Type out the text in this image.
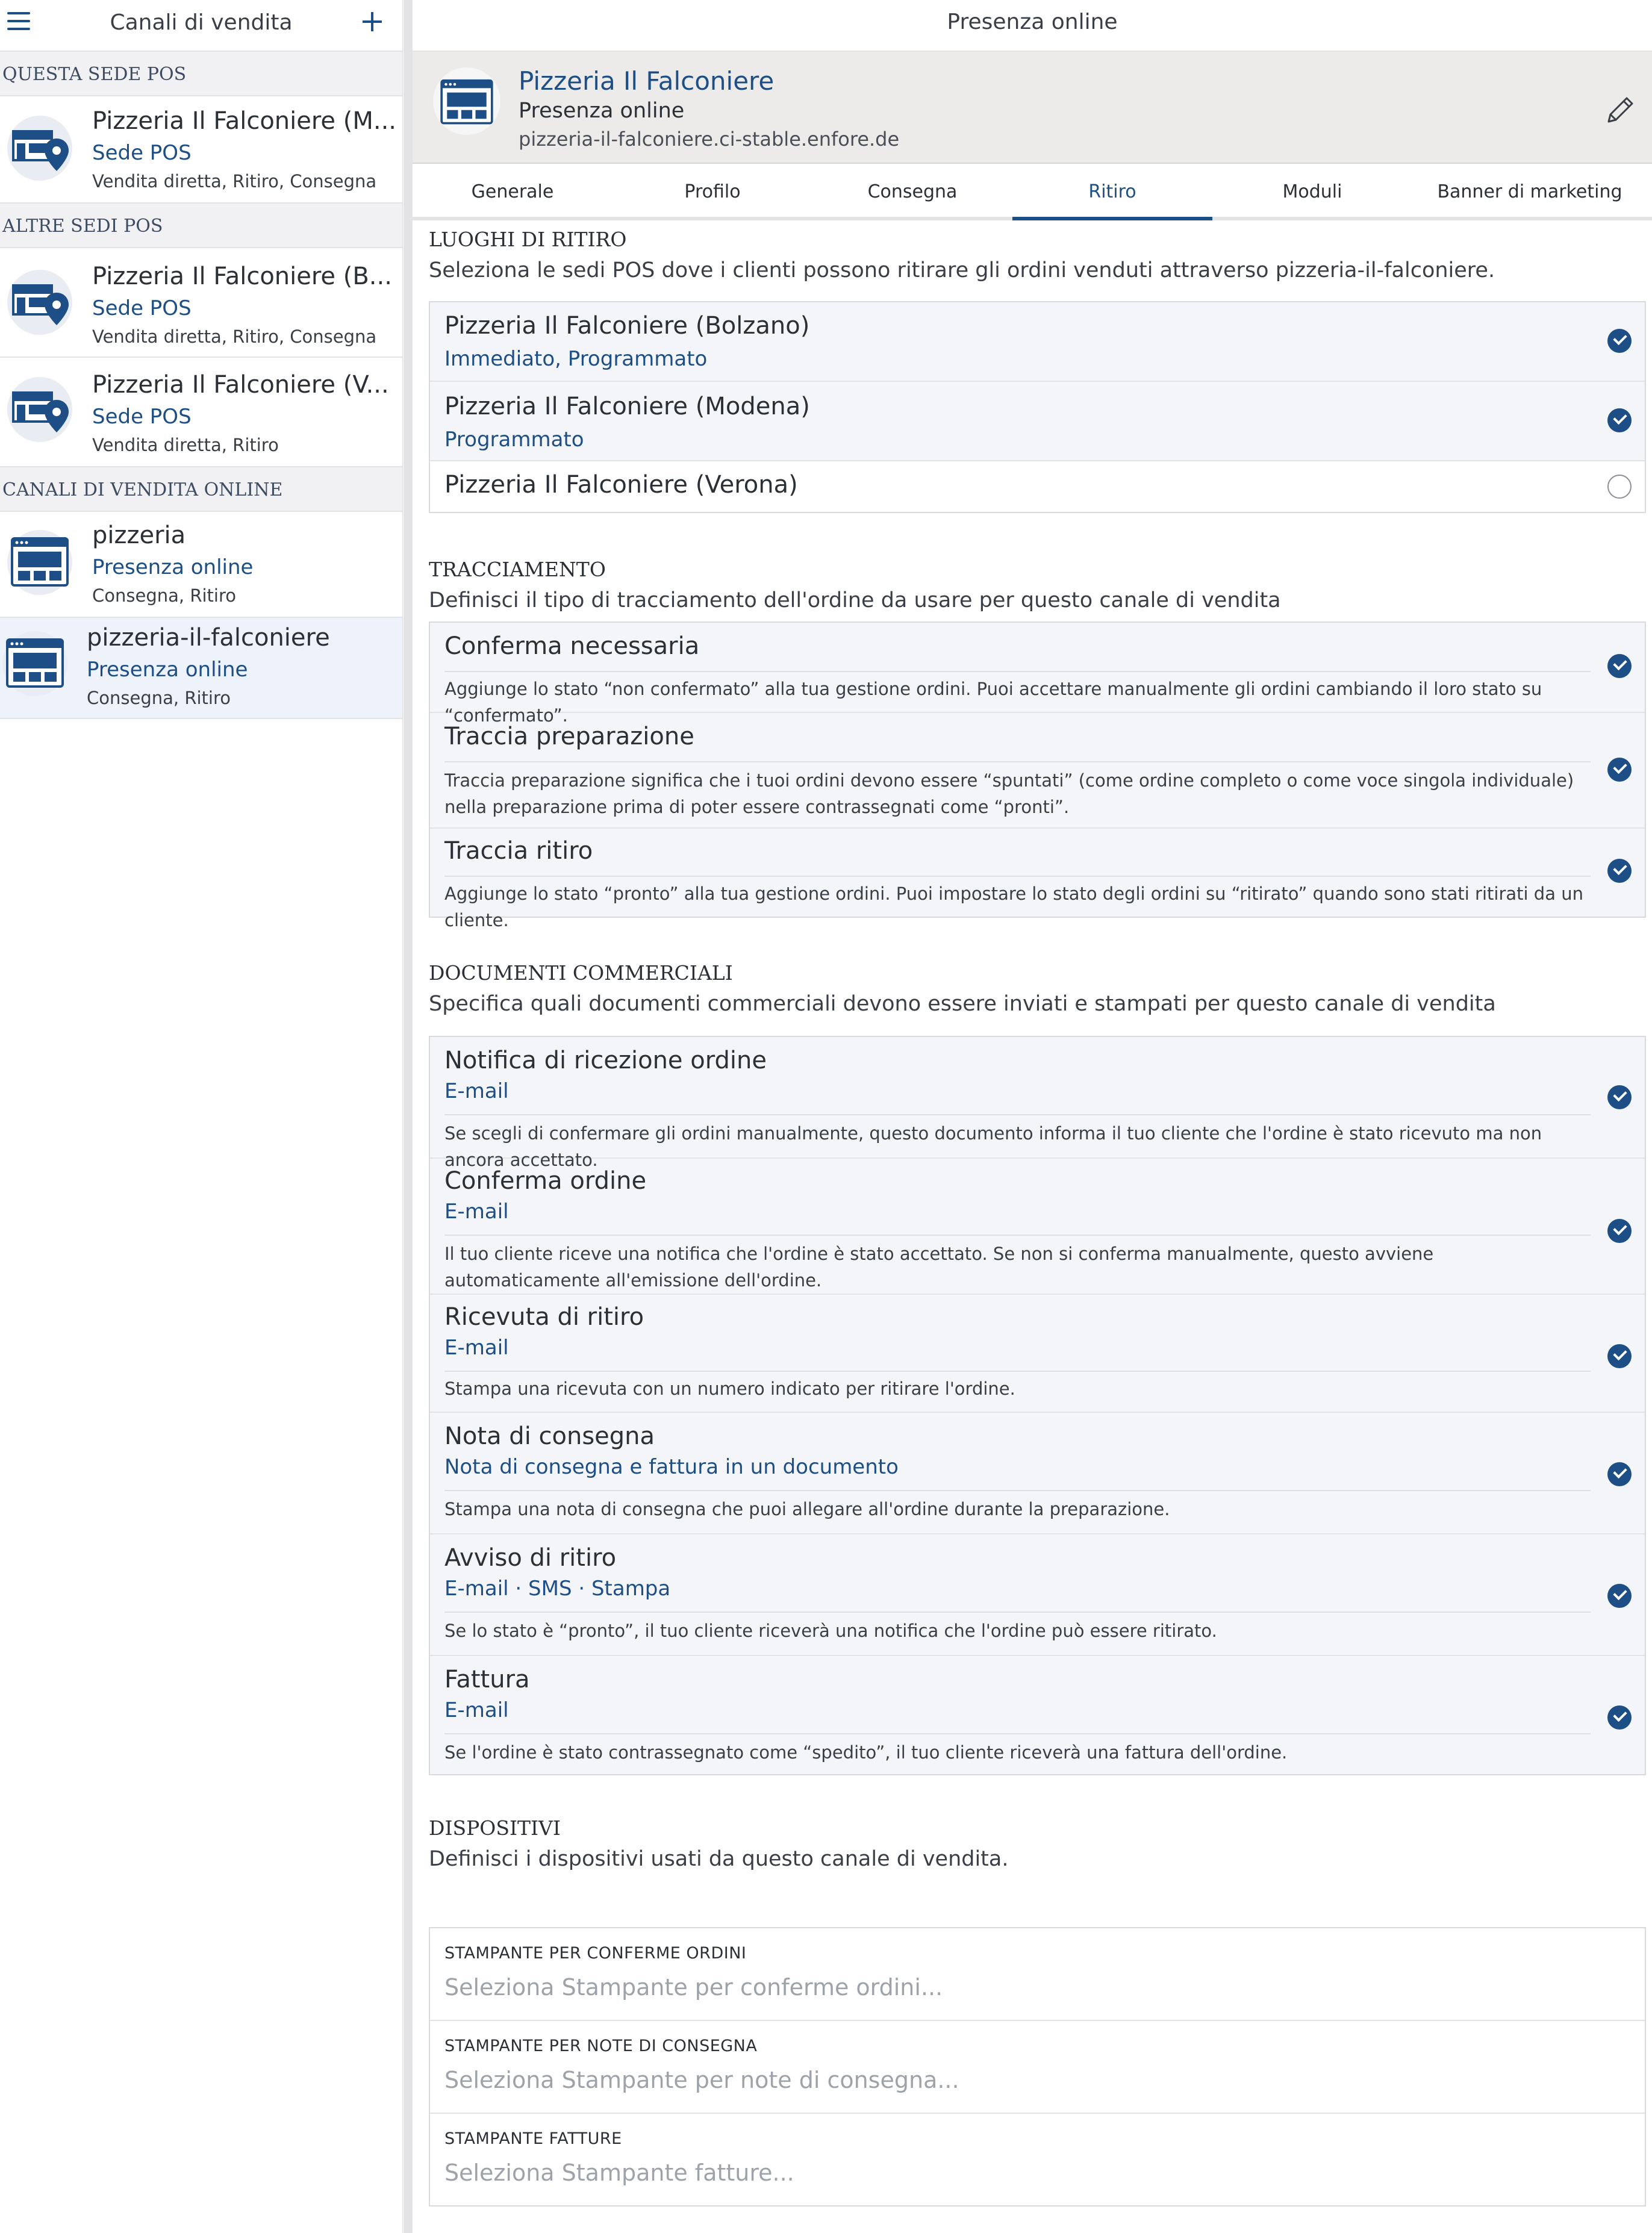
Canali di vendita
QUESTA SEDE POS
Pizzeria Il Falconiere (M...
Sede POS
Vendita diretta, Ritiro, Consegna
ALTRE SEDI POS
Pizzeria Il Falconiere (B...
Sede POS
Vendita diretta, Ritiro, Consegna
Pizzeria Il Falconiere (V...
Sede POS
Vendita diretta, Ritiro
CANALI DI VENDITA ONLINE
pizzeria
Presenza online
Consegna, Ritiro
pizzeria-il-falconiere
Presenza online
Consegna, Ritiro
Presenza online
Pizzeria Il Falconiere
Presenza online
pizzeria-il-falconiere.ci-stable.enfore.de
Generale	Profilo	Consegna	Ritiro	Moduli	Banner di marketing
LUOGHI DI RITIRO
Seleziona le sedi POS dove i clienti possono ritirare gli ordini venduti attraverso pizzeria-il-falconiere.
Pizzeria Il Falconiere (Bolzano)
Immediato, Programmato
Pizzeria Il Falconiere (Modena)
Programmato
Pizzeria Il Falconiere (Verona)
TRACCIAMENTO
Definisci il tipo di tracciamento dell'ordine da usare per questo canale di vendita
Conferma necessaria
Aggiunge lo stato “non confermato” alla tua gestione ordini. Puoi accettare manualmente gli ordini cambiando il loro stato su “confermato”.
Traccia preparazione
Traccia preparazione significa che i tuoi ordini devono essere “spuntati” (come ordine completo o come voce singola individuale) nella preparazione prima di poter essere contrassegnati come “pronti”.
Traccia ritiro
Aggiunge lo stato “pronto” alla tua gestione ordini. Puoi impostare lo stato degli ordini su “ritirato” quando sono stati ritirati da un cliente.
DOCUMENTI COMMERCIALI
Specifica quali documenti commerciali devono essere inviati e stampati per questo canale di vendita
Notifica di ricezione ordine
E-mail
Se scegli di confermare gli ordini manualmente, questo documento informa il tuo cliente che l'ordine è stato ricevuto ma non ancora accettato.
Conferma ordine
E-mail
Il tuo cliente riceve una notifica che l'ordine è stato accettato. Se non si conferma manualmente, questo avviene automaticamente all'emissione dell'ordine.
Ricevuta di ritiro
E-mail
Stampa una ricevuta con un numero indicato per ritirare l'ordine.
Nota di consegna
Nota di consegna e fattura in un documento
Stampa una nota di consegna che puoi allegare all'ordine durante la preparazione.
Avviso di ritiro
E-mail · SMS · Stampa
Se lo stato è “pronto”, il tuo cliente riceverà una notifica che l'ordine può essere ritirato.
Fattura
E-mail
Se l'ordine è stato contrassegnato come “spedito”, il tuo cliente riceverà una fattura dell'ordine.
DISPOSITIVI
Definisci i dispositivi usati da questo canale di vendita.
STAMPANTE PER CONFERME ORDINI
Seleziona Stampante per conferme ordini...
STAMPANTE PER NOTE DI CONSEGNA
Seleziona Stampante per note di consegna...
STAMPANTE FATTURE
Seleziona Stampante fatture...
